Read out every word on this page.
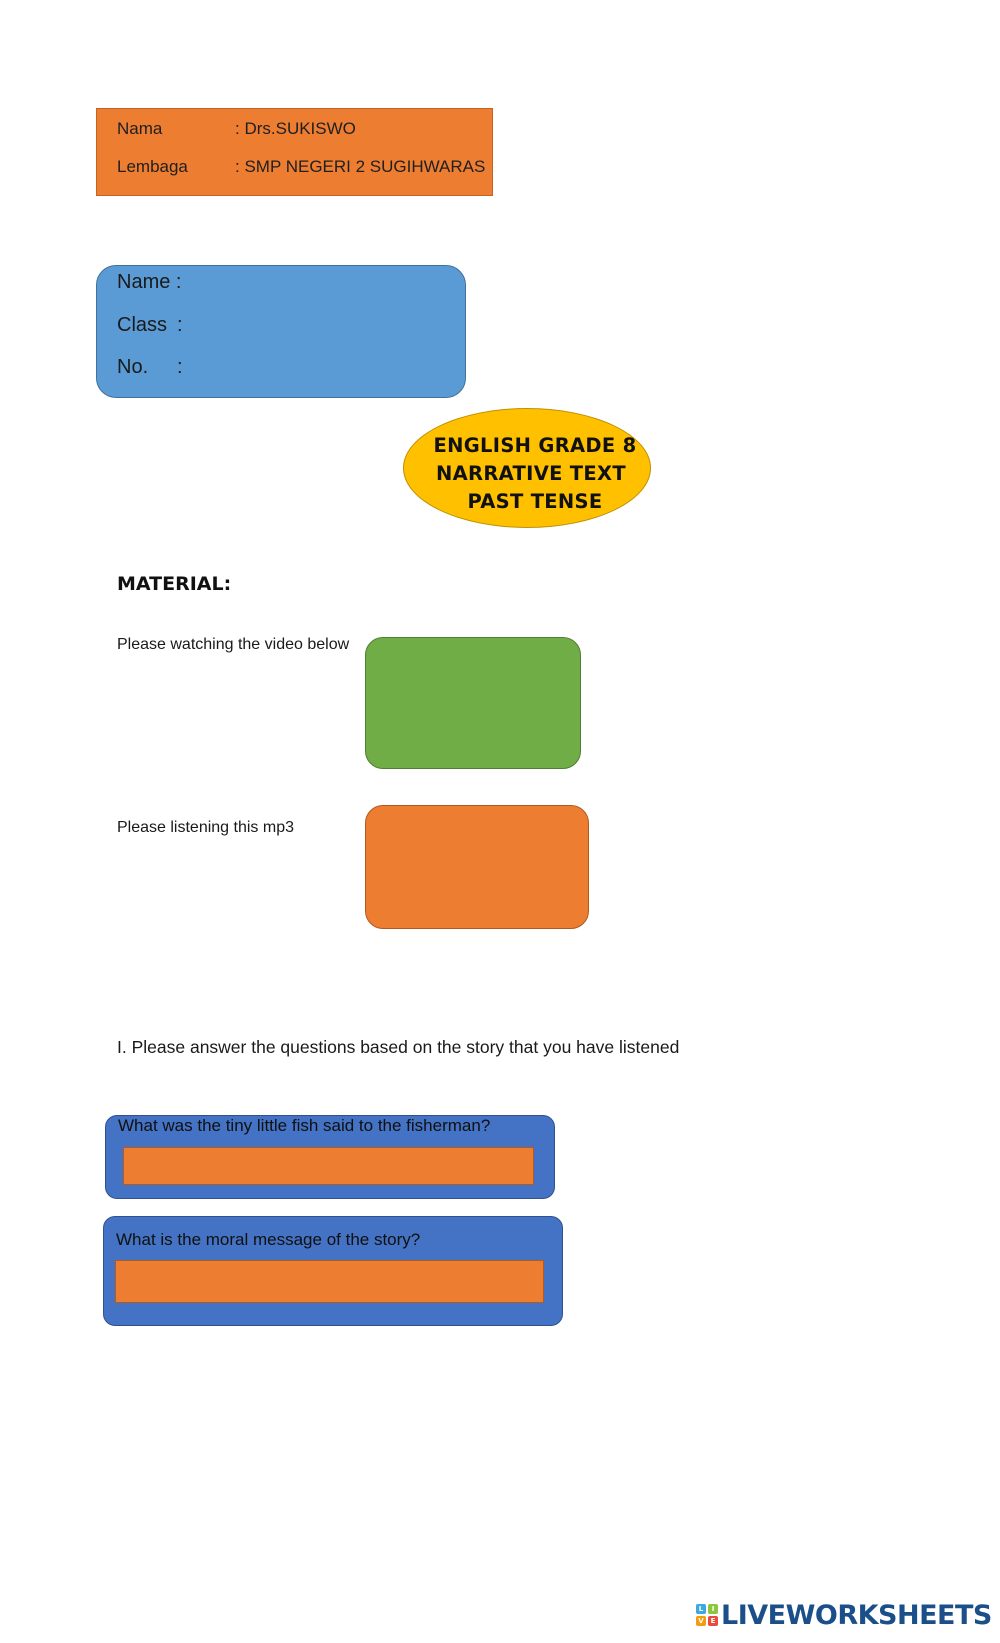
Nama	: Drs.SUKISWO
Lembaga	: SMP NEGERI 2 SUGIHWARAS
Name :
Class :
No. :
ENGLISH GRADE 8
NARRATIVE TEXT
PAST TENSE
MATERIAL:
Please watching the video below
Please listening this mp3
I. Please answer the questions based on the story that you have listened
What was the tiny little fish said to the fisherman?
What is the moral message of the story?
L	I
V E LIVEWORKSHEETS
